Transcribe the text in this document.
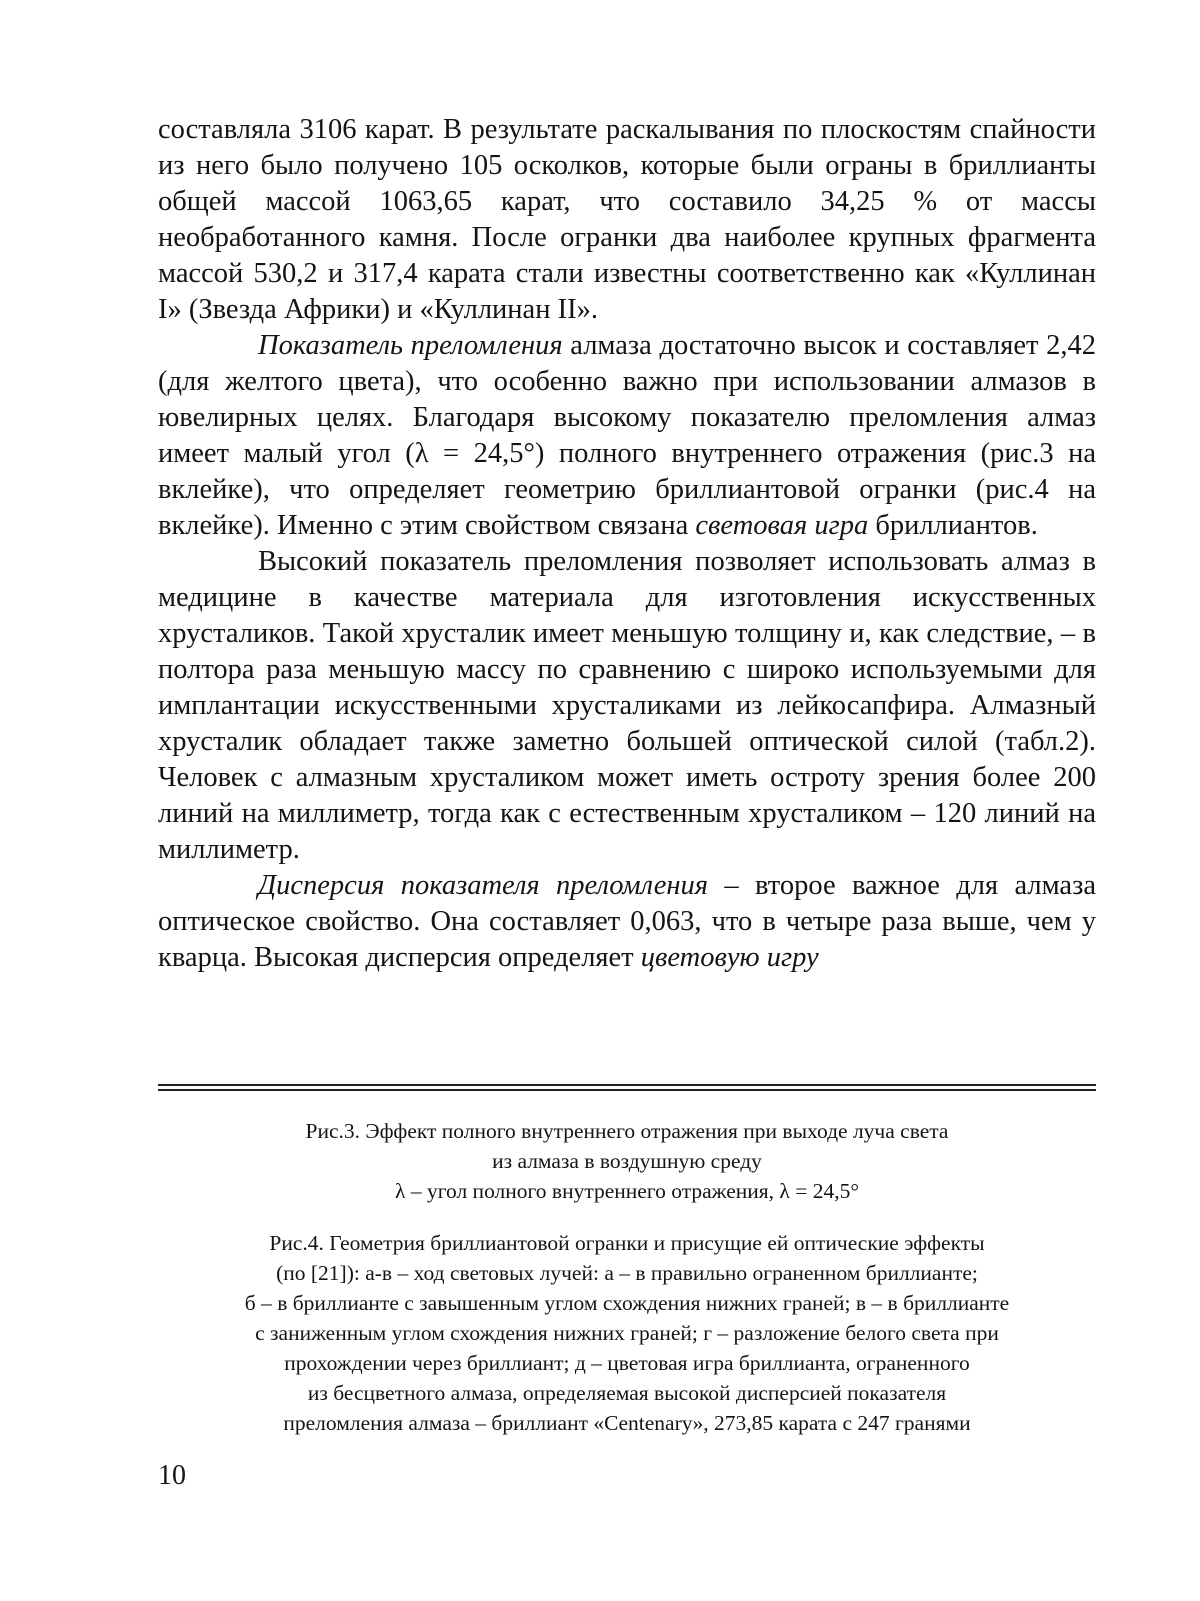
составляла 3106 карат. В результате раскалывания по плоскостям спайности из него было получено 105 осколков, которые были ограны в бриллианты общей массой 1063,65 карат, что составило 34,25 % от массы необработанного камня. После огранки два наиболее крупных фрагмента массой 530,2 и 317,4 карата стали известны соответственно как «Куллинан I» (Звезда Африки) и «Куллинан II».

Показатель преломления алмаза достаточно высок и составляет 2,42 (для желтого цвета), что особенно важно при использовании алмазов в ювелирных целях. Благодаря высокому показателю преломления алмаз имеет малый угол (λ = 24,5°) полного внутреннего отражения (рис.3 на вклейке), что определяет геометрию бриллиантовой огранки (рис.4 на вклейке). Именно с этим свойством связана световая игра бриллиантов.

Высокий показатель преломления позволяет использовать алмаз в медицине в качестве материала для изготовления искусственных хрусталиков. Такой хрусталик имеет меньшую толщину и, как следствие, – в полтора раза меньшую массу по сравнению с широко используемыми для имплантации искусственными хрусталиками из лейкосапфира. Алмазный хрусталик обладает также заметно большей оптической силой (табл.2). Человек с алмазным хрусталиком может иметь остроту зрения более 200 линий на миллиметр, тогда как с естественным хрусталиком – 120 линий на миллиметр.

Дисперсия показателя преломления – второе важное для алмаза оптическое свойство. Она составляет 0,063, что в четыре раза выше, чем у кварца. Высокая дисперсия определяет цветовую игру

Рис.3. Эффект полного внутреннего отражения при выходе луча света
из алмаза в воздушную среду
λ – угол полного внутреннего отражения, λ = 24,5°
Рис.4. Геометрия бриллиантовой огранки и присущие ей оптические эффекты
(по [21]): а-в – ход световых лучей: а – в правильно ограненном бриллианте;
б – в бриллианте с завышенным углом схождения нижних граней; в – в бриллианте
с заниженным углом схождения нижних граней; г – разложение белого света при
прохождении через бриллиант; д – цветовая игра бриллианта, ограненного
из бесцветного алмаза, определяемая высокой дисперсией показателя
преломления алмаза – бриллиант «Centenary», 273,85 карата с 247 гранями
10
